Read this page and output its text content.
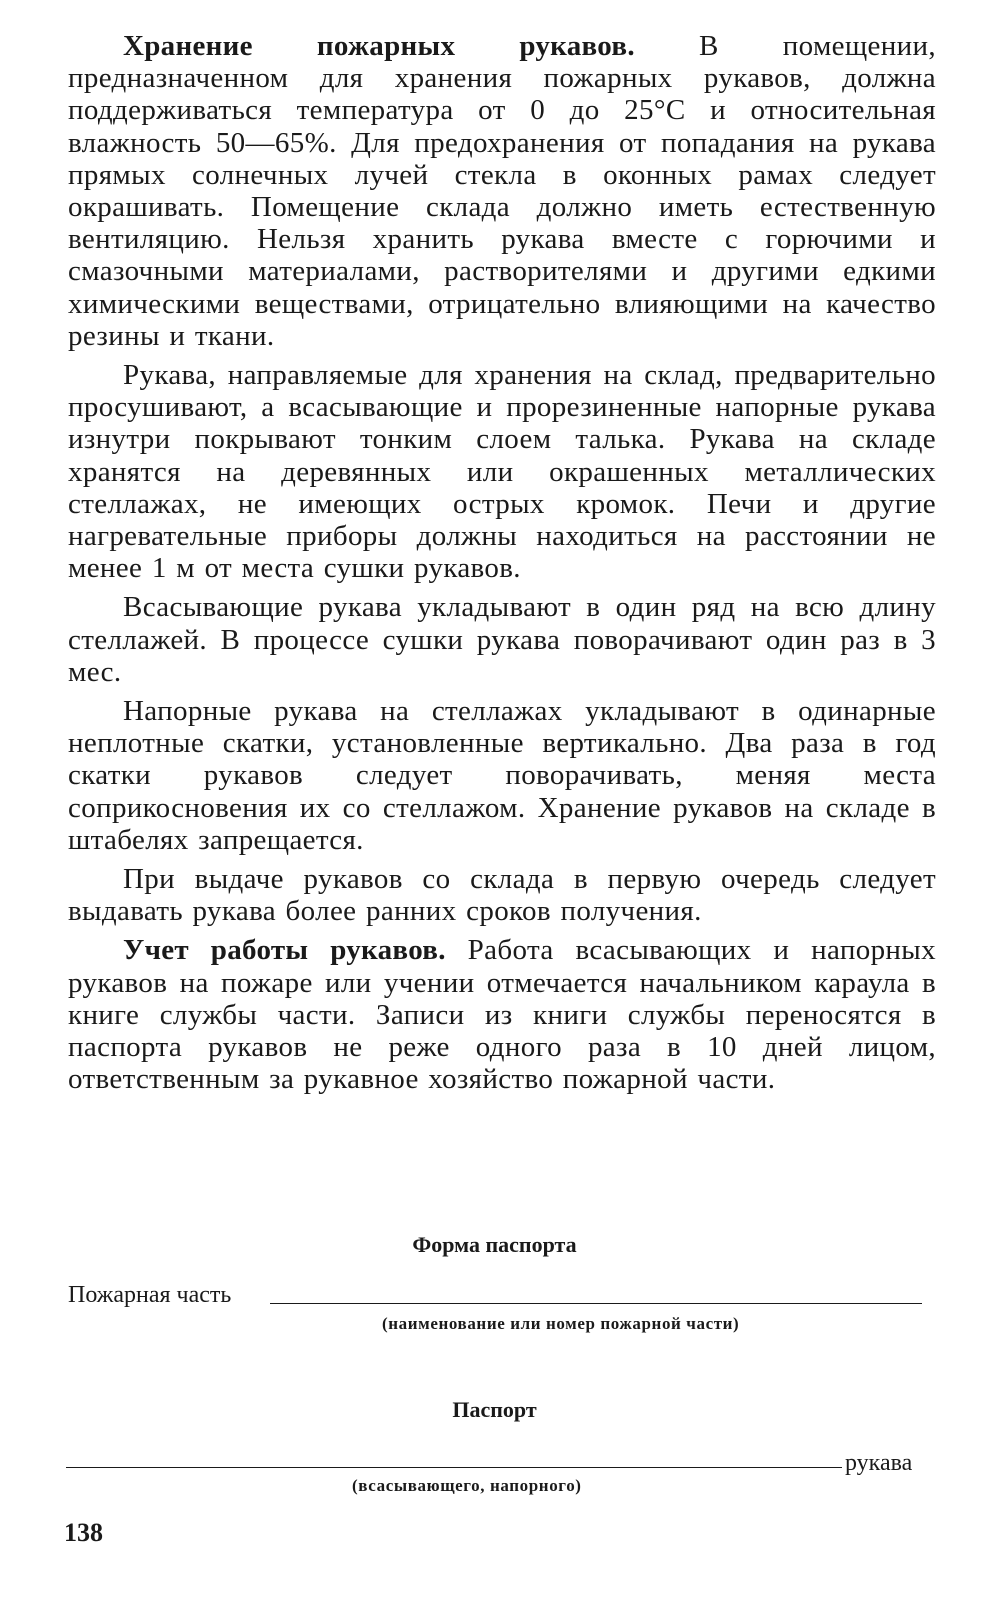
Хранение пожарных рукавов. В помещении, предназначенном для хранения пожарных рукавов, должна поддерживаться температура от 0 до 25°С и относительная влажность 50—65%. Для предохранения от попадания на рукава прямых солнечных лучей стекла в оконных рамах следует окрашивать. Помещение склада должно иметь естественную вентиляцию. Нельзя хранить рукава вместе с горючими и смазочными материалами, растворителями и другими едкими химическими веществами, отрицательно влияющими на качество резины и ткани.

Рукава, направляемые для хранения на склад, предварительно просушивают, а всасывающие и прорезиненные напорные рукава изнутри покрывают тонким слоем талька. Рукава на складе хранятся на деревянных или окрашенных металлических стеллажах, не имеющих острых кромок. Печи и другие нагревательные приборы должны находиться на расстоянии не менее 1 м от места сушки рукавов.

Всасывающие рукава укладывают в один ряд на всю длину стеллажей. В процессе сушки рукава поворачивают один раз в 3 мес.

Напорные рукава на стеллажах укладывают в одинарные неплотные скатки, установленные вертикально. Два раза в год скатки рукавов следует поворачивать, меняя места соприкосновения их со стеллажом. Хранение рукавов на складе в штабелях запрещается.

При выдаче рукавов со склада в первую очередь следует выдавать рукава более ранних сроков получения.

Учет работы рукавов. Работа всасывающих и напорных рукавов на пожаре или учении отмечается начальником караула в книге службы части. Записи из книги службы переносятся в паспорта рукавов не реже одного раза в 10 дней лицом, ответственным за рукавное хозяйство пожарной части.

Форма паспорта
Пожарная часть
(наименование или номер пожарной части)
Паспорт
рукава
(всасывающего, напорного)
138
